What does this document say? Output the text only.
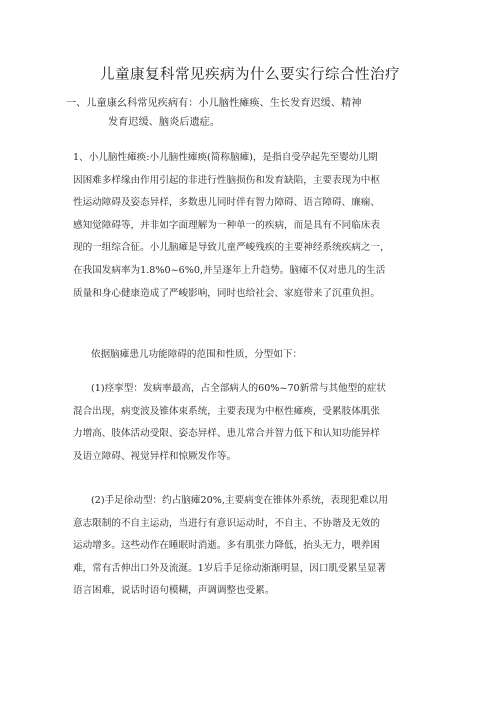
儿童康复科常见疾病为什么要实行综合性治疗
一、儿童康幺科常见疾病有：小儿脑性瘫痪、生长发育迟缓、精神
发育迟缓、脑炎后遗症。
1、小儿脑性瘫痪:小儿脑性瘫痪(简称脑瘫)，是指自受孕起先至婴幼儿期
因困难多样缘由作用引起的非进行性脑损伤和发育缺陷，主要表现为中枢
性运动障碍及姿态异样，多数患儿同时伴有智力障碍、语言障碍、廉痫、
感知觉障碍等，并非如字面理解为一种单一的疾病，而是具有不同临床表
现的一组综合征。小儿脑瘫是导致儿童严峻残疾的主要神经系统疾病之一，
在我国发病率为1.8%0~6%0,并呈逐年上升趋势。脑瘫不仅对患儿的生活
质量和身心健康造成了严峻影响，同时也给社会、家庭带来了沉重负担。
依据脑瘫患儿功能障碍的范围和性质，分型如下：
(1)痉挛型：发病率最高，占全部病人的60%~70新常与其他型的症状
混合出现，病变波及锥体束系统，主要表现为中枢性瘫痪，受累肢体肌张
力增高、肢体活动受限、姿态异样、患儿常合并智力低下和认知功能异样
及语立障碍、视觉异样和惊厥发作等。
(2)手足徐动型：约占脑瘫20%,主要病变在锥体外系统，表现犯难以用
意志限制的不自主运动，当进行有意识运动时，不自主、不协谐及无效的
运动增多。这些动作在睡眠时消逝。多有肌张力降低，抬头无力，喂养困
难，常有舌伸出口外及流涎。1岁后手足徐动渐渐明显，因口肌受累呈显著
语言困难，说话时语句模糊，声调调整也受累。
